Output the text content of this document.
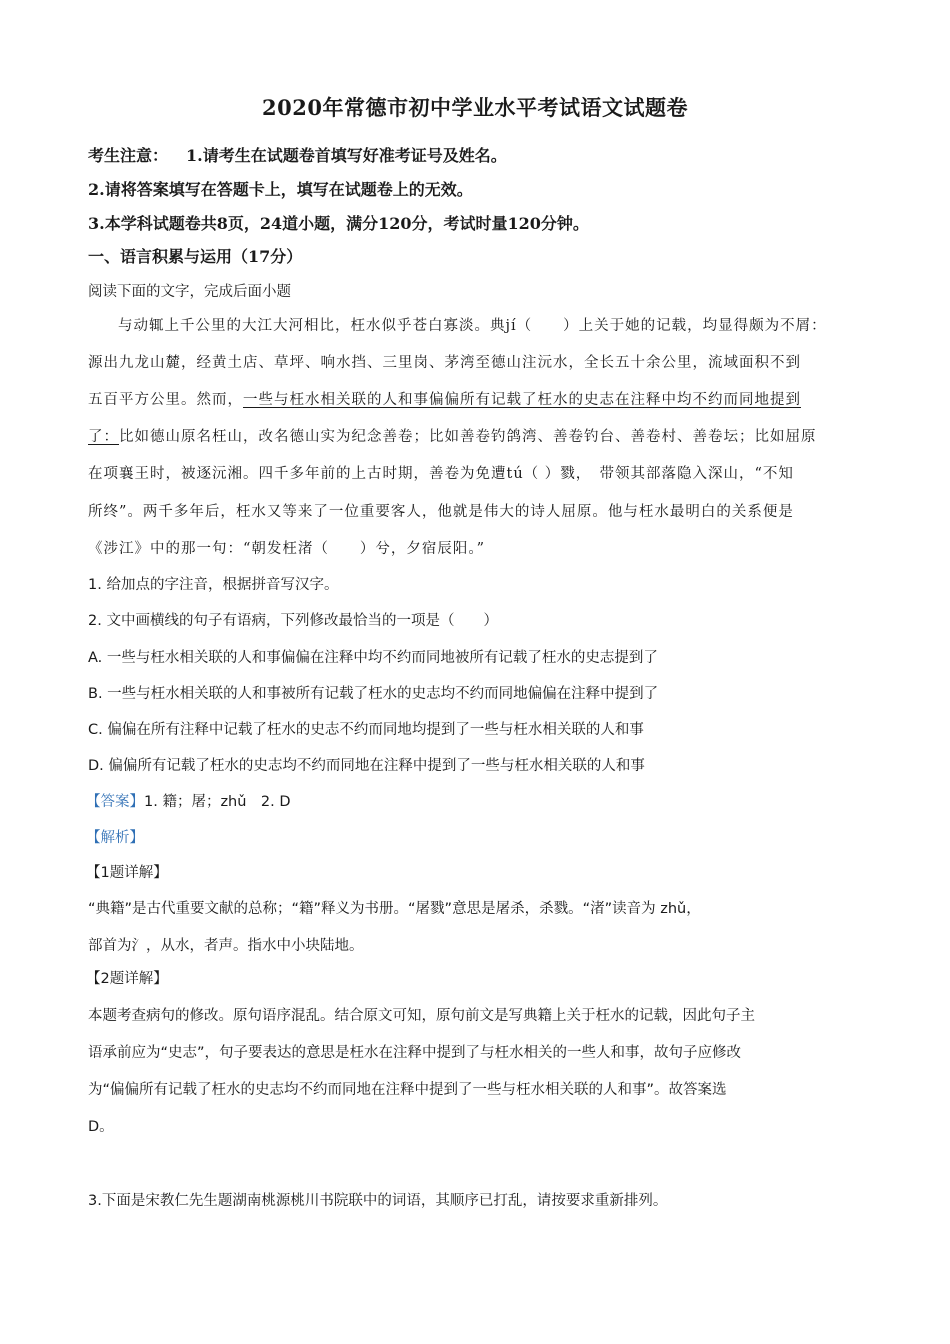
2020年常德市初中学业水平考试语文试题卷
考生注意： 1.请考生在试题卷首填写好准考证号及姓名。
2.请将答案填写在答题卡上，填写在试题卷上的无效。
3.本学科试题卷共8页，24道小题，满分120分，考试时量120分钟。
一、语言积累与运用（17分）
阅读下面的文字，完成后面小题
与动辄上千公里的大江大河相比，枉水似乎苍白寡淡。典jí（　　）上关于她的记载，均显得颇为不屑：
源出九龙山麓，经黄土店、草坪、响水挡、三里岗、茅湾至德山注沅水，全长五十余公里，流域面积不到
五百平方公里。然而，一些与枉水相关联的人和事偏偏所有记载了枉水的史志在注释中均不约而同地提到
了：比如德山原名枉山，改名德山实为纪念善卷；比如善卷钓鸽湾、善卷钓台、善卷村、善卷坛；比如屈原
在项襄王时，被逐沅湘。四千多年前的上古时期，善卷为免遭tú（ ）戮，　带领其部落隐入深山，“不知
所终”。两千多年后，枉水又等来了一位重要客人，他就是伟大的诗人屈原。他与枉水最明白的关系便是
《涉江》中的那一句：“朝发枉渚（　　）兮，夕宿辰阳。”
1. 给加点的字注音，根据拼音写汉字。
2. 文中画横线的句子有语病，下列修改最恰当的一项是（　　）
A. 一些与枉水相关联的人和事偏偏在注释中均不约而同地被所有记载了枉水的史志提到了
B. 一些与枉水相关联的人和事被所有记载了枉水的史志均不约而同地偏偏在注释中提到了
C. 偏偏在所有注释中记载了枉水的史志不约而同地均提到了一些与枉水相关联的人和事
D. 偏偏所有记载了枉水的史志均不约而同地在注释中提到了一些与枉水相关联的人和事
【答案】1. 籍；屠；zhǔ　2. D
【解析】
【1题详解】
“典籍”是古代重要文献的总称；“籍”释义为书册。“屠戮”意思是屠杀，杀戮。“渚”读音为 zhǔ，
部首为氵，从水，者声。指水中小块陆地。
【2题详解】
本题考查病句的修改。原句语序混乱。结合原文可知，原句前文是写典籍上关于枉水的记载，因此句子主
语承前应为“史志”，句子要表达的意思是枉水在注释中提到了与枉水相关的一些人和事，故句子应修改
为“偏偏所有记载了枉水的史志均不约而同地在注释中提到了一些与枉水相关联的人和事”。故答案选
D。
3.下面是宋教仁先生题湖南桃源桃川书院联中的词语，其顺序已打乱，请按要求重新排列。
